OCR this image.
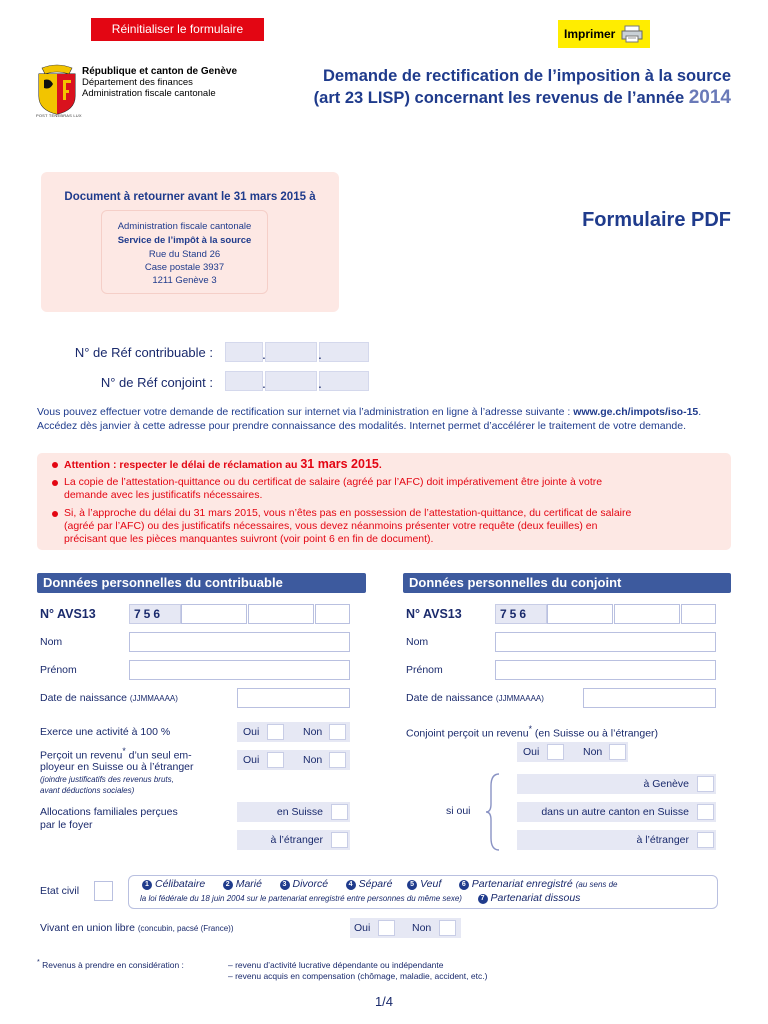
Réinitialiser le formulaire	Imprimer
POST TENEBRAS LUX
République et canton de Genève
Département des finances
Administration fiscale cantonale
Demande de rectification de l’imposition à la source
(art 23 LISP) concernant les revenus de l’année 2014
Document à retourner avant le 31 mars 2015 à
Administration fiscale cantonale
Service de l’impôt à la source
Rue du Stand 26
Case postale 3937
1211 Genève 3
Formulaire PDF
N° de Réf contribuable :	.	.
N° de Réf conjoint :	.	.
Vous pouvez effectuer votre demande de rectification sur internet via l’administration en ligne à l’adresse suivante : www.ge.ch/impots/iso-15.
Accédez dès janvier à cette adresse pour prendre connaissance des modalités. Internet permet d’accélérer le traitement de votre demande.
Attention : respecter le délai de réclamation au 31 mars 2015.
La copie de l’attestation-quittance ou du certificat de salaire (agréé par l’AFC) doit impérativement être jointe à votre
demande avec les justificatifs nécessaires.
Si, à l’approche du délai du 31 mars 2015, vous n’êtes pas en possession de l’attestation-quittance, du certificat de salaire
(agréé par l’AFC) ou des justificatifs nécessaires, vous devez néanmoins présenter votre requête (deux feuilles) en
précisant que les pièces manquantes suivront (voir point 6 en fin de document).
Données personnelles du contribuable
N° AVS13	756
Nom
Prénom
Date de naissance (JJMMAAAA)
Exerce une activité à 100 %	Oui	Non
Perçoit un revenu* d’un seul em-
ployeur en Suisse ou à l’étranger
(joindre justificatifs des revenus bruts,
avant déductions sociales)
Oui	Non
Allocations familiales perçues
par le foyer
en Suisse
à l’étranger
Données personnelles du conjoint
N° AVS13	756
Nom
Prénom
Date de naissance (JJMMAAAA)
Conjoint perçoit un revenu* (en Suisse ou à l’étranger)
Oui	Non
si oui
à Genève
dans un autre canton en Suisse
à l’étranger
Etat civil
1 Célibataire	2 Marié	3 Divorcé	4 Séparé	5 Veuf	6 Partenariat enregistré (au sens de
la loi fédérale du 18 juin 2004 sur le partenariat enregistré entre personnes du même sexe)	7 Partenariat dissous
Vivant en union libre (concubin, pacsé (France))	Oui	Non
* Revenus à prendre en considération :	– revenu d’activité lucrative dépendante ou indépendante
– revenu acquis en compensation (chômage, maladie, accident, etc.)
1/4
